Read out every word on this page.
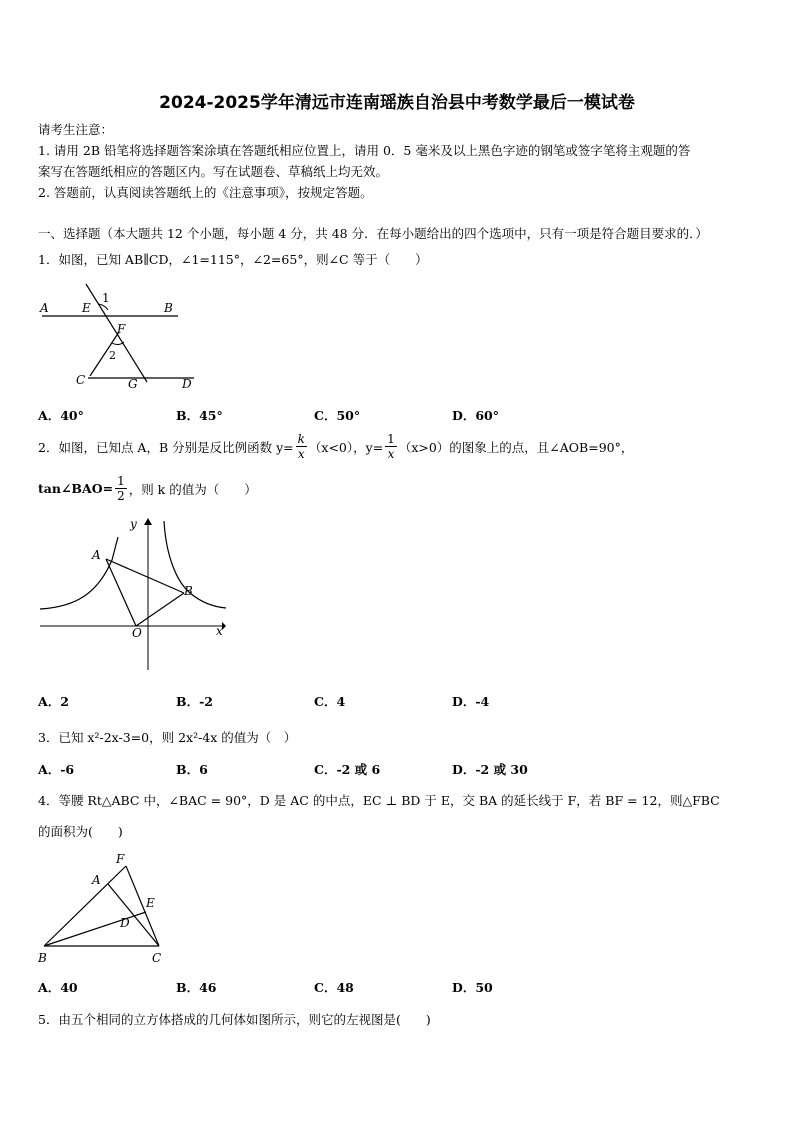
2024-2025学年清远市连南瑶族自治县中考数学最后一模试卷
请考生注意：
1. 请用 2B 铅笔将选择题答案涂填在答题纸相应位置上，请用 0．5 毫米及以上黑色字迹的钢笔或签字笔将主观题的答
案写在答题纸相应的答题区内。写在试题卷、草稿纸上均无效。
2. 答题前，认真阅读答题纸上的《注意事项》，按规定答题。
一、选择题（本大题共 12 个小题，每小题 4 分，共 48 分．在每小题给出的四个选项中，只有一项是符合题目要求的．）
1．如图，已知 AB∥CD，∠1=115°，∠2=65°，则∠C 等于（　　）
A	E
1
B
F
2
C	G	D
A．40°	B．45°	C．50°	D．60°
2．如图，已知点 A，B 分别是反比例函数 $y= \frac{k}{x} (x<0)$，$y= \frac{1}{x} (x>0)$的图象上的点，且∠AOB=90°，
tan∠BAO= $\frac{1}{2}$ ，则 k 的值为（　　）
y
A
B
O	x
A．2	B．-2	C．4	D．-4
3．已知 x²-2x-3=0，则 2x²-4x 的值为（　）
A．-6	B．6	C．-2 或 6	D．-2 或 30
4．等腰 Rt△ABC 中，∠BAC = 90°，D 是 AC 的中点，EC ⊥ BD 于 E，交 BA 的延长线于 F，若 BF = 12，则△FBC
的面积为(　　)
F
A
E
D
B	C
A．40	B．46	C．48	D．50
5．由五个相同的立方体搭成的几何体如图所示，则它的左视图是(　　)
